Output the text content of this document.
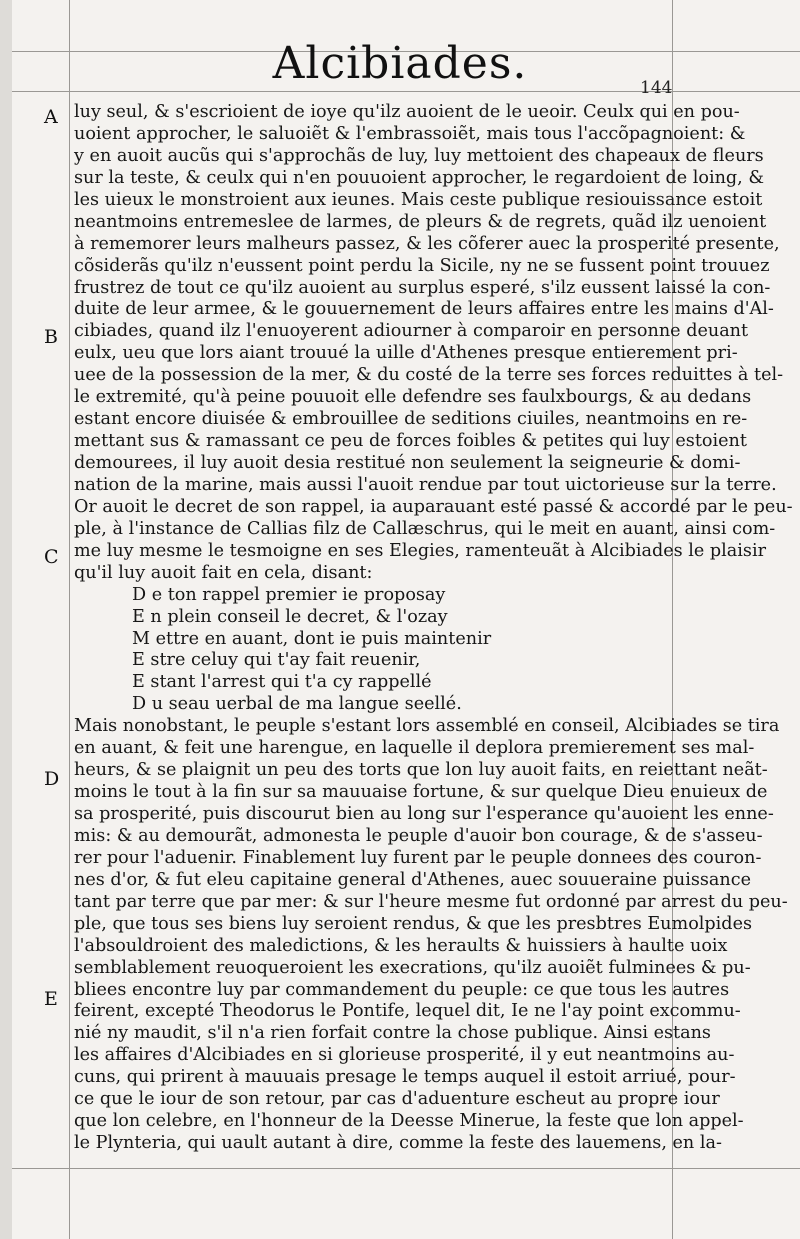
Alcibiades.	144
A
B
C
D
E
luy seul, & s'escrioient de ioye qu'ilz auoient de le ueoir. Ceulx qui en pou-
uoient approcher, le saluoiẽt & l'embrassoiẽt, mais tous l'accõpagnoient: &
y en auoit aucũs qui s'approchãs de luy, luy mettoient des chapeaux de fleurs
sur la teste, & ceulx qui n'en pouuoient approcher, le regardoient de loing, &
les uieux le monstroient aux ieunes. Mais ceste publique resiouissance estoit
neantmoins entremeslee de larmes, de pleurs & de regrets, quãd ilz uenoient
à rememorer leurs malheurs passez, & les cõferer auec la prosperité presente,
cõsiderãs qu'ilz n'eussent point perdu la Sicile, ny ne se fussent point trouuez
frustrez de tout ce qu'ilz auoient au surplus esperé, s'ilz eussent laissé la con-
duite de leur armee, & le gouuernement de leurs affaires entre les mains d'Al-
cibiades, quand ilz l'enuoyerent adiourner à comparoir en personne deuant
eulx, ueu que lors aiant trouué la uille d'Athenes presque entierement pri-
uee de la possession de la mer, & du costé de la terre ses forces reduittes à tel-
le extremité, qu'à peine pouuoit elle defendre ses faulxbourgs, & au dedans
estant encore diuisée & embrouillee de seditions ciuiles, neantmoins en re-
mettant sus & ramassant ce peu de forces foibles & petites qui luy estoient
demourees, il luy auoit desia restitué non seulement la seigneurie & domi-
nation de la marine, mais aussi l'auoit rendue par tout uictorieuse sur la terre.
Or auoit le decret de son rappel, ia auparauant esté passé & accordé par le peu-
ple, à l'instance de Callias filz de Callæschrus, qui le meit en auant, ainsi com-
me luy mesme le tesmoigne en ses Elegies, ramenteuãt à Alcibiades le plaisir
qu'il luy auoit fait en cela, disant:
D e ton rappel premier ie proposay
E n plein conseil le decret, & l'ozay
M ettre en auant, dont ie puis maintenir
E stre celuy qui t'ay fait reuenir,
E stant l'arrest qui t'a cy rappellé
D u seau uerbal de ma langue seellé.
Mais nonobstant, le peuple s'estant lors assemblé en conseil, Alcibiades se tira
en auant, & feit une harengue, en laquelle il deplora premierement ses mal-
heurs, & se plaignit un peu des torts que lon luy auoit faits, en reiettant neãt-
moins le tout à la fin sur sa mauuaise fortune, & sur quelque Dieu enuieux de
sa prosperité, puis discourut bien au long sur l'esperance qu'auoient les enne-
mis: & au demourãt, admonesta le peuple d'auoir bon courage, & de s'asseu-
rer pour l'aduenir. Finablement luy furent par le peuple donnees des couron-
nes d'or, & fut eleu capitaine general d'Athenes, auec souueraine puissance
tant par terre que par mer: & sur l'heure mesme fut ordonné par arrest du peu-
ple, que tous ses biens luy seroient rendus, & que les presbtres Eumolpides
l'absouldroient des maledictions, & les heraults & huissiers à haulte uoix
semblablement reuoqueroient les execrations, qu'ilz auoiẽt fulminees & pu-
bliees encontre luy par commandement du peuple: ce que tous les autres
feirent, excepté Theodorus le Pontife, lequel dit, Ie ne l'ay point excommu-
nié ny maudit, s'il n'a rien forfait contre la chose publique. Ainsi estans
les affaires d'Alcibiades en si glorieuse prosperité, il y eut neantmoins au-
cuns, qui prirent à mauuais presage le temps auquel il estoit arriué, pour-
ce que le iour de son retour, par cas d'aduenture escheut au propre iour
que lon celebre, en l'honneur de la Deesse Minerue, la feste que lon appel-
le Plynteria, qui uault autant à dire, comme la feste des lauemens, en la-
